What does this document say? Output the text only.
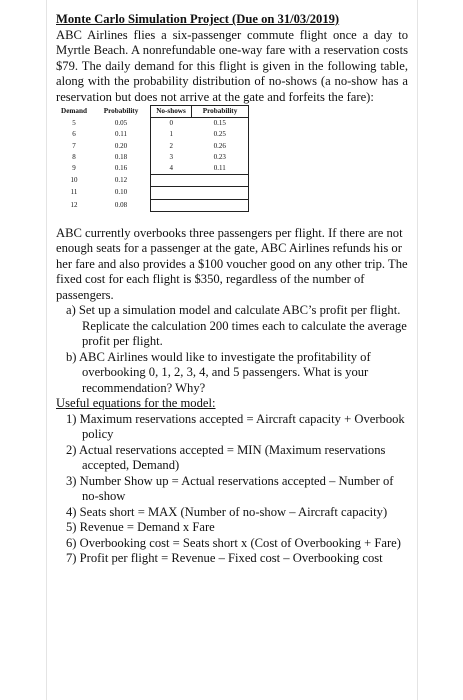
Monte Carlo Simulation Project (Due on 31/03/2019)

ABC Airlines flies a six-passenger commute flight once a day to Myrtle Beach. A nonrefundable one-way fare with a reservation costs $79. The daily demand for this flight is given in the following table, along with the probability distribution of no-shows (a no-show has a reservation but does not arrive at the gate and forfeits the fare):

Demand	Probability	No-shows	Probability
5	0.05	0	0.15
6	0.11	1	0.25
7	0.20	2	0.26
8	0.18	3	0.23
9	0.16	4	0.11
10	0.12		
11	0.10		
12	0.08		

ABC currently overbooks three passengers per flight. If there are not enough seats for a passenger at the gate, ABC Airlines refunds his or her fare and also provides a $100 voucher good on any other trip. The fixed cost for each flight is $350, regardless of the number of passengers.

a) Set up a simulation model and calculate ABC’s profit per flight. Replicate the calculation 200 times each to calculate the average profit per flight.
b) ABC Airlines would like to investigate the profitability of overbooking 0, 1, 2, 3, 4, and 5 passengers. What is your recommendation? Why?
Useful equations for the model:
1) Maximum reservations accepted = Aircraft capacity + Overbook policy
2) Actual reservations accepted = MIN (Maximum reservations accepted, Demand)
3) Number Show up = Actual reservations accepted – Number of no-show
4) Seats short = MAX (Number of no-show – Aircraft capacity)
5) Revenue = Demand x Fare
6) Overbooking cost = Seats short x (Cost of Overbooking + Fare)
7) Profit per flight = Revenue – Fixed cost – Overbooking cost
